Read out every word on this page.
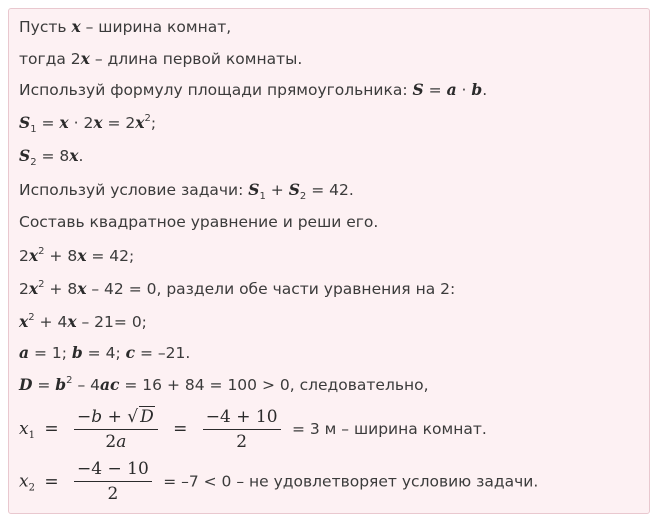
Пусть x – ширина комнат,
тогда 2x – длина первой комнаты.
Используй формулу площади прямоугольника: S = a · b.
$S_1 = x \cdot 2x = 2x^2$;
$S_2 = 8x$.
Используй условие задачи: $S_1 + S_2 = 42$.
Составь квадратное уравнение и реши его.
$2x^2 + 8x = 42$;
$2x^2 + 8x - 42 = 0$, раздели обе части уравнения на 2:
$x^2 + 4x - 21= 0$;
a = 1; b = 4; c = –21.
$D = b^2 - 4ac = 16 + 84 = 100 > 0$, следовательно,
$x_1 = \frac{-b + √ D}{2a} = \frac{-4 + 10}{2} = 3$ м – ширина комнат.
$x_2 = \frac{-4 - 10}{2} = -7 < 0$ – не удовлетворяет условию задачи.
